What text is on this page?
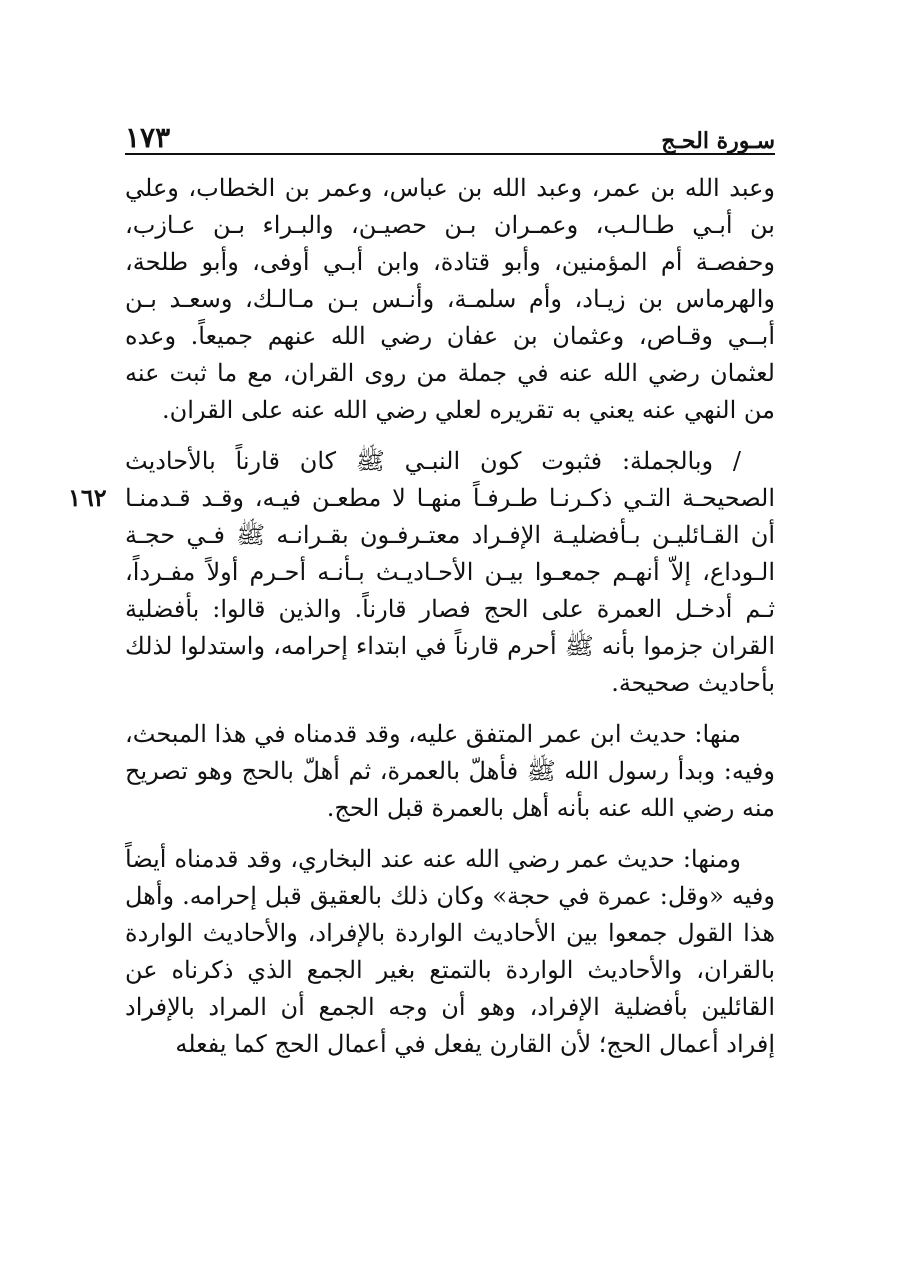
سـورة الحـج
١٧٣
١٦٢

وعبد الله بن عمر، وعبد الله بن عباس، وعمر بن الخطاب، وعلي بن أبـي طـالـب، وعمـران بـن حصيـن، والبـراء بـن عـازب، وحفصـة أم المؤمنين، وأبو قتادة، وابن أبـي أوفى، وأبو طلحة، والهرماس بن زيـاد، وأم سلمـة، وأنـس بـن مـالـك، وسعـد بـن أبــي وقـاص، وعثمان بن عفان رضي الله عنهم جميعاً. وعده لعثمان رضي الله عنه في جملة من روى القران، مع ما ثبت عنه من النهي عنه يعني به تقريره لعلي رضي الله عنه على القران.

/ وبالجملة: فثبوت كون النبـي ﷺ كان قارناً بالأحاديث الصحيحـة التـي ذكـرنـا طـرفـاً منهـا لا مطعـن فيـه، وقـد قـدمنـا أن القـائليـن بـأفضليـة الإفـراد معتـرفـون بقـرانـه ﷺ فـي حجـة الـوداع، إلاّ أنهـم جمعـوا بيـن الأحـاديـث بـأنـه أحـرم أولاً مفـرداً، ثـم أدخـل العمرة على الحج فصار قارناً. والذين قالوا: بأفضلية القران جزموا بأنه ﷺ أحرم قارناً في ابتداء إحرامه، واستدلوا لذلك بأحاديث صحيحة.

منها: حديث ابن عمر المتفق عليه، وقد قدمناه في هذا المبحث، وفيه: وبدأ رسول الله ﷺ فأهلّ بالعمرة، ثم أهلّ بالحج وهو تصريح منه رضي الله عنه بأنه أهل بالعمرة قبل الحج.

ومنها: حديث عمر رضي الله عنه عند البخاري، وقد قدمناه أيضاً وفيه «وقل: عمرة في حجة» وكان ذلك بالعقيق قبل إحرامه. وأهل هذا القول جمعوا بين الأحاديث الواردة بالإفراد، والأحاديث الواردة بالقران، والأحاديث الواردة بالتمتع بغير الجمع الذي ذكرناه عن القائلين بأفضلية الإفراد، وهو أن وجه الجمع أن المراد بالإفراد إفراد أعمال الحج؛ لأن القارن يفعل في أعمال الحج كما يفعله
